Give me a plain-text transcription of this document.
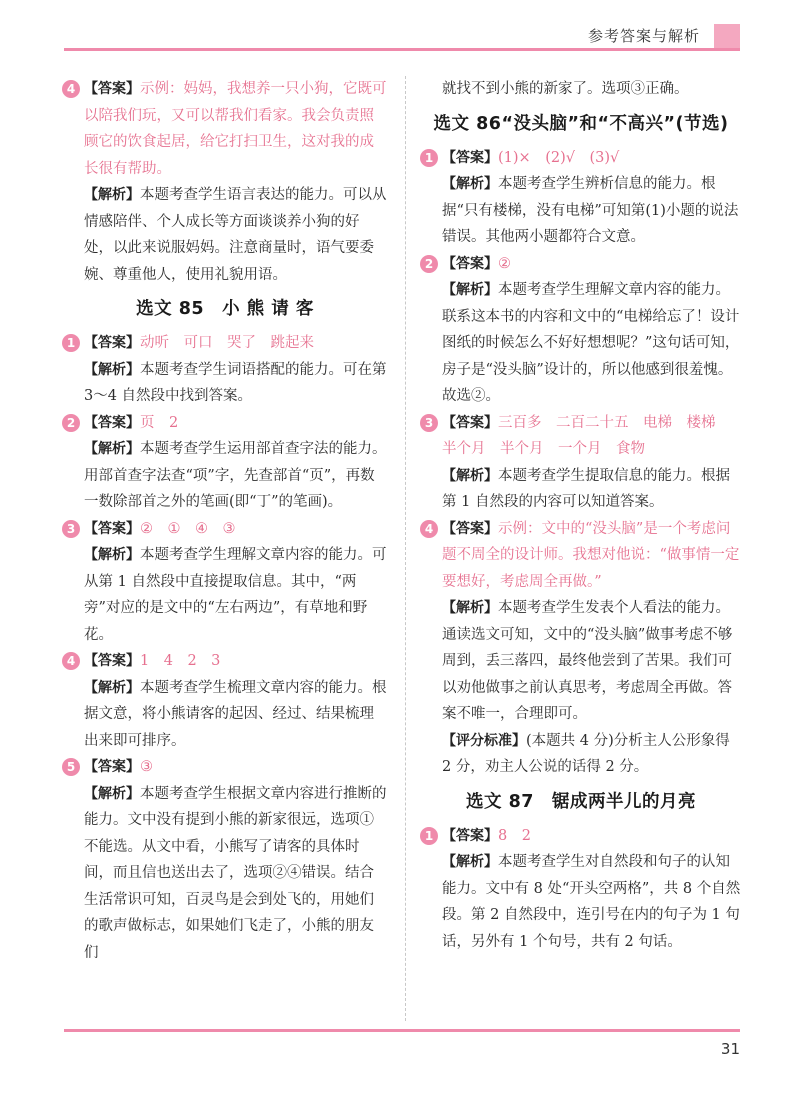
参考答案与解析
4 【答案】示例：妈妈，我想养一只小狗，它既可以陪我们玩，又可以帮我们看家。我会负责照顾它的饮食起居，给它打扫卫生，这对我的成长很有帮助。

【解析】本题考查学生语言表达的能力。可以从情感陪伴、个人成长等方面谈谈养小狗的好处，以此来说服妈妈。注意商量时，语气要委婉、尊重他人，使用礼貌用语。

选文 85　小 熊 请 客
1 【答案】动听　可口　哭了　跳起来

【解析】本题考查学生词语搭配的能力。可在第 3～4 自然段中找到答案。

2 【答案】页　2

【解析】本题考查学生运用部首查字法的能力。用部首查字法查“项”字，先查部首“页”，再数一数除部首之外的笔画(即“丁”的笔画)。

3 【答案】②　①　④　③

【解析】本题考查学生理解文章内容的能力。可从第 1 自然段中直接提取信息。其中，“两旁”对应的是文中的“左右两边”，有草地和野花。

4 【答案】1　4　2　3

【解析】本题考查学生梳理文章内容的能力。根据文意，将小熊请客的起因、经过、结果梳理出来即可排序。

5 【答案】③

【解析】本题考查学生根据文章内容进行推断的能力。文中没有提到小熊的新家很远，选项①不能选。从文中看，小熊写了请客的具体时间，而且信也送出去了，选项②④错误。结合生活常识可知，百灵鸟是会到处飞的，用她们的歌声做标志，如果她们飞走了，小熊的朋友们

就找不到小熊的新家了。选项③正确。

选文 86“没头脑”和“不高兴”(节选)
1 【答案】(1)×　(2)√　(3)√

【解析】本题考查学生辨析信息的能力。根据“只有楼梯，没有电梯”可知第(1)小题的说法错误。其他两小题都符合文意。

2 【答案】②

【解析】本题考查学生理解文章内容的能力。联系这本书的内容和文中的“电梯给忘了！设计图纸的时候怎么不好好想想呢？”这句话可知，房子是“没头脑”设计的，所以他感到很羞愧。故选②。

3 【答案】三百多　二百二十五　电梯　楼梯　半个月　半个月　一个月　食物

【解析】本题考查学生提取信息的能力。根据第 1 自然段的内容可以知道答案。

4 【答案】示例：文中的“没头脑”是一个考虑问题不周全的设计师。我想对他说：“做事情一定要想好，考虑周全再做。”

【解析】本题考查学生发表个人看法的能力。通读选文可知，文中的“没头脑”做事考虑不够周到，丢三落四，最终他尝到了苦果。我们可以劝他做事之前认真思考，考虑周全再做。答案不唯一，合理即可。

【评分标准】(本题共 4 分)分析主人公形象得 2 分，劝主人公说的话得 2 分。

选文 87　锯成两半儿的月亮
1 【答案】8　2

【解析】本题考查学生对自然段和句子的认知能力。文中有 8 处“开头空两格”，共 8 个自然段。第 2 自然段中，连引号在内的句子为 1 句话，另外有 1 个句号，共有 2 句话。

31
